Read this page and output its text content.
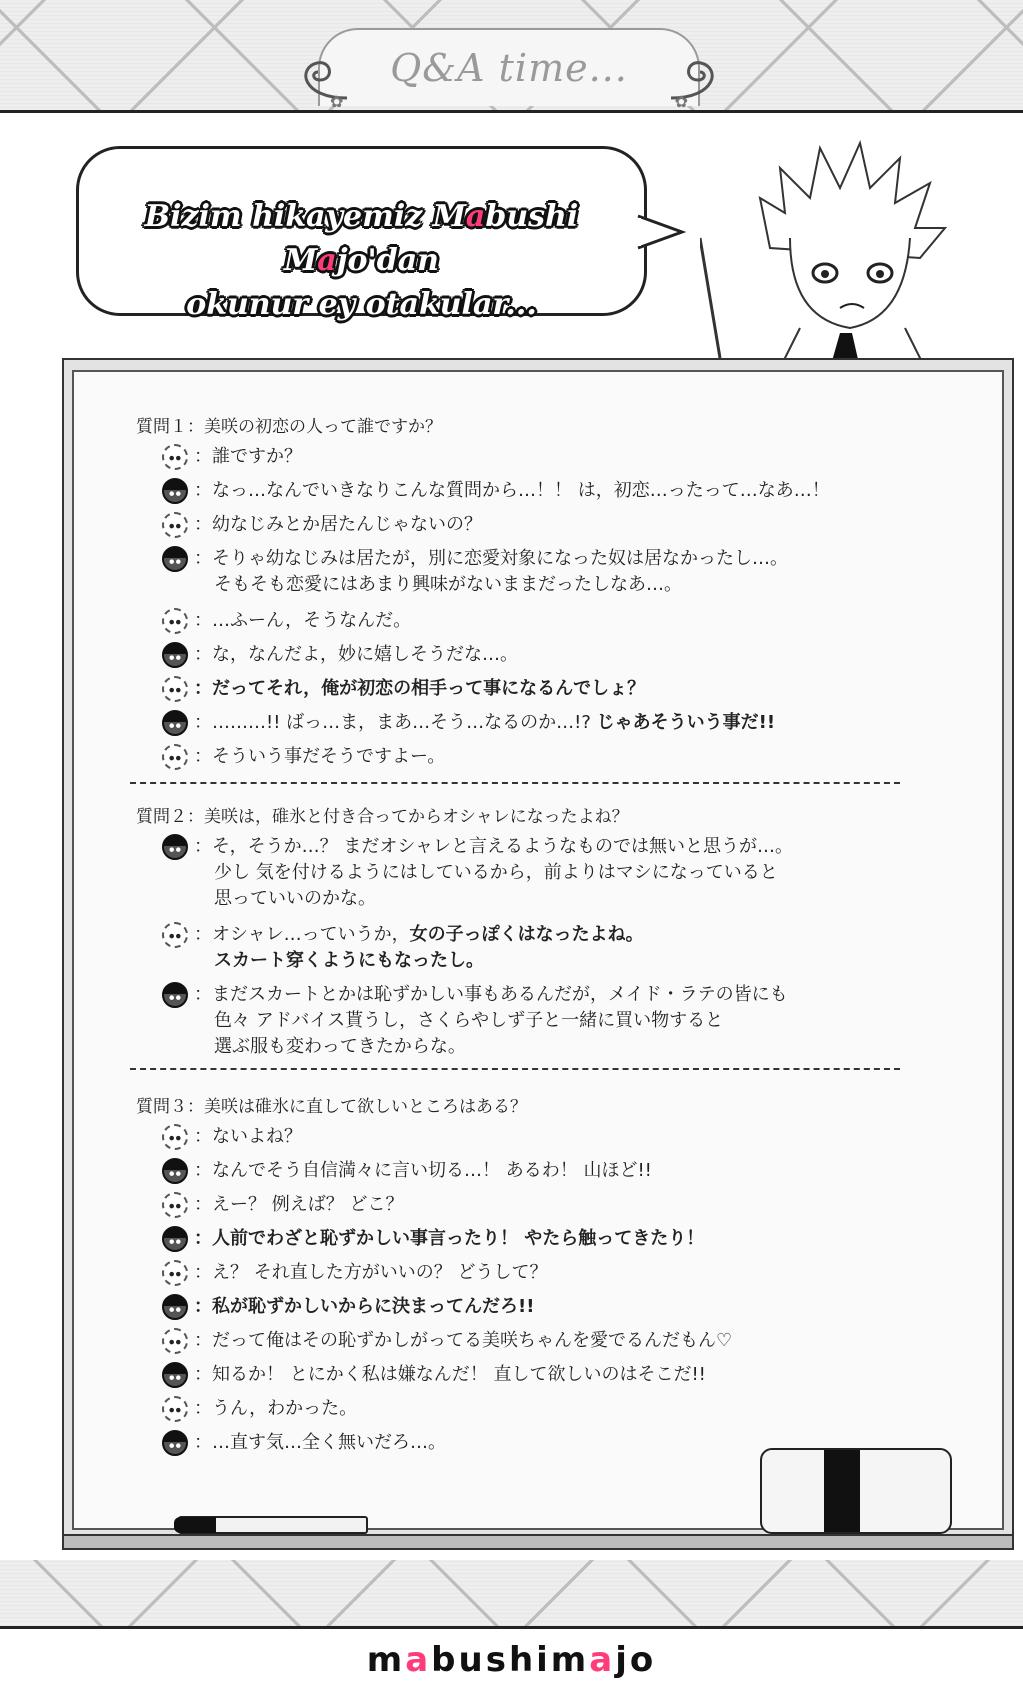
✿	✿
Q&A time...
Bizim hikayemiz Mabushi Majo'dan
okunur ey otakular...
質問１：美咲の初恋の人って誰ですか？
：誰ですか？
：なっ…なんでいきなりこんな質問から…！！ は，初恋…ったって…なあ…！
：幼なじみとか居たんじゃないの？
：そりゃ幼なじみは居たが，別に恋愛対象になった奴は居なかったし…。
そもそも恋愛にはあまり興味がないままだったしなあ…。
：…ふーん，そうなんだ。
：な，なんだよ，妙に嬉しそうだな…。
：だってそれ，俺が初恋の相手って事になるんでしょ？
：………!! ばっ…ま，まあ…そう…なるのか…!? じゃあそういう事だ!!
：そういう事だそうですよー。
質問２：美咲は，碓氷と付き合ってからオシャレになったよね？
：そ，そうか…？ まだオシャレと言えるようなものでは無いと思うが…。
少し 気を付けるようにはしているから，前よりはマシになっていると
思っていいのかな。
：オシャレ…っていうか，女の子っぽくはなったよね。
スカート穿くようにもなったし。
：まだスカートとかは恥ずかしい事もあるんだが，メイド・ラテの皆にも
色々 アドバイス貰うし，さくらやしず子と一緒に買い物すると
選ぶ服も変わってきたからな。
質問３：美咲は碓氷に直して欲しいところはある？
：ないよね？
：なんでそう自信満々に言い切る…！ あるわ！ 山ほど!!
：えー？ 例えば？ どこ？
：人前でわざと恥ずかしい事言ったり！ やたら触ってきたり！
：え？ それ直した方がいいの？ どうして？
：私が恥ずかしいからに決まってんだろ!!
：だって俺はその恥ずかしがってる美咲ちゃんを愛でるんだもん♡
：知るか！ とにかく私は嫌なんだ！ 直して欲しいのはそこだ!!
：うん，わかった。
：…直す気…全く無いだろ…。
mabushimajo
